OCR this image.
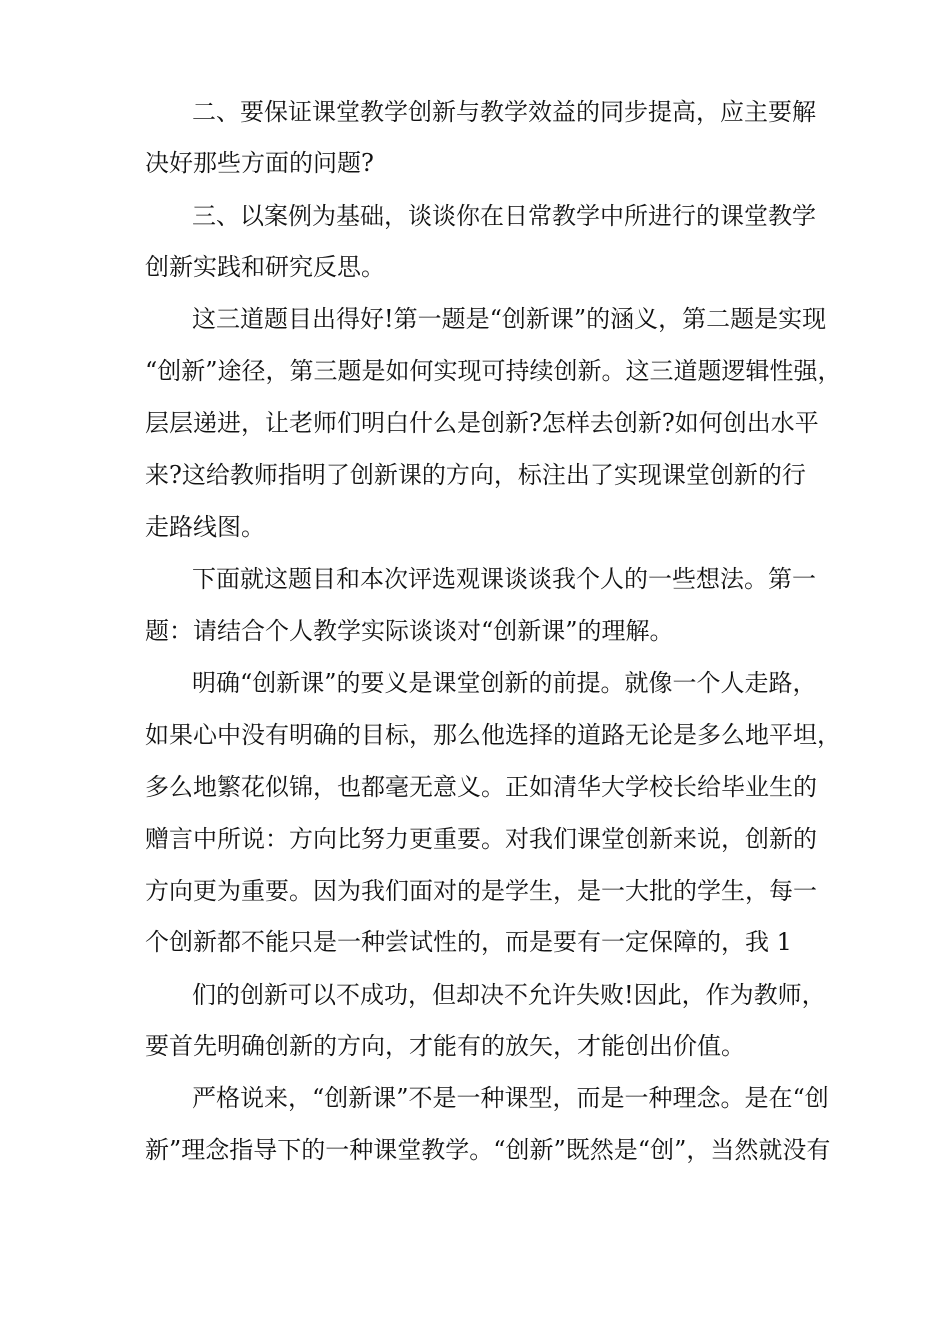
二、要保证课堂教学创新与教学效益的同步提高，应主要解

决好那些方面的问题?

三、以案例为基础，谈谈你在日常教学中所进行的课堂教学

创新实践和研究反思。

这三道题目出得好!第一题是“创新课”的涵义，第二题是实现

“创新”途径，第三题是如何实现可持续创新。这三道题逻辑性强，

层层递进，让老师们明白什么是创新?怎样去创新?如何创出水平

来?这给教师指明了创新课的方向，标注出了实现课堂创新的行

走路线图。

下面就这题目和本次评选观课谈谈我个人的一些想法。第一

题：请结合个人教学实际谈谈对“创新课”的理解。

明确“创新课”的要义是课堂创新的前提。就像一个人走路，

如果心中没有明确的目标，那么他选择的道路无论是多么地平坦，

多么地繁花似锦，也都毫无意义。正如清华大学校长给毕业生的

赠言中所说：方向比努力更重要。对我们课堂创新来说，创新的

方向更为重要。因为我们面对的是学生，是一大批的学生，每一

个创新都不能只是一种尝试性的，而是要有一定保障的，我 1

们的创新可以不成功，但却决不允许失败!因此，作为教师，

要首先明确创新的方向，才能有的放矢，才能创出价值。

严格说来，“创新课”不是一种课型，而是一种理念。是在“创

新”理念指导下的一种课堂教学。“创新”既然是“创”，当然就没有
